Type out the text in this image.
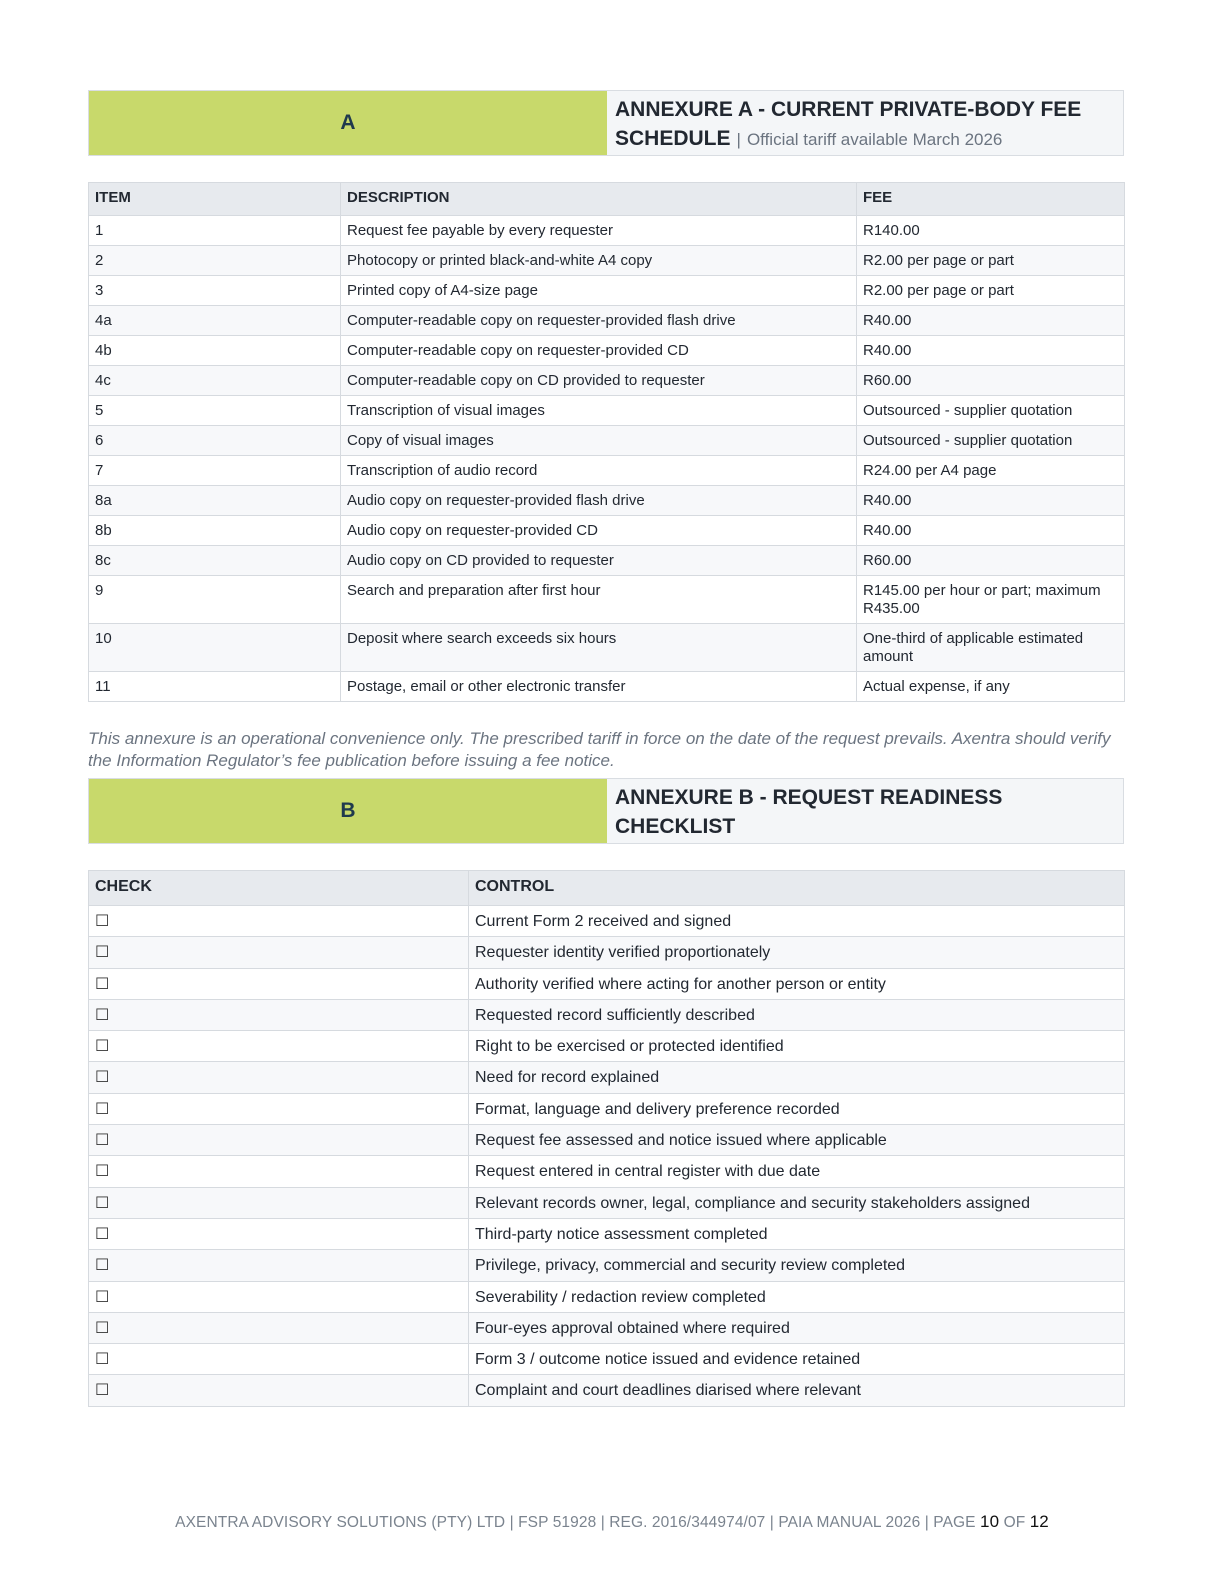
A
ANNEXURE A - CURRENT PRIVATE-BODY FEE SCHEDULE | Official tariff available March 2026
ITEM	DESCRIPTION	FEE
1	Request fee payable by every requester	R140.00
2	Photocopy or printed black-and-white A4 copy	R2.00 per page or part
3	Printed copy of A4-size page	R2.00 per page or part
4a	Computer-readable copy on requester-provided flash drive	R40.00
4b	Computer-readable copy on requester-provided CD	R40.00
4c	Computer-readable copy on CD provided to requester	R60.00
5	Transcription of visual images	Outsourced - supplier quotation
6	Copy of visual images	Outsourced - supplier quotation
7	Transcription of audio record	R24.00 per A4 page
8a	Audio copy on requester-provided flash drive	R40.00
8b	Audio copy on requester-provided CD	R40.00
8c	Audio copy on CD provided to requester	R60.00
9	Search and preparation after first hour	R145.00 per hour or part; maximum R435.00
10	Deposit where search exceeds six hours	One-third of applicable estimated amount
11	Postage, email or other electronic transfer	Actual expense, if any
This annexure is an operational convenience only. The prescribed tariff in force on the date of the request prevails. Axentra should verify the Information Regulator’s fee publication before issuing a fee notice.
B
ANNEXURE B - REQUEST READINESS CHECKLIST
CHECK	CONTROL
☐	Current Form 2 received and signed
☐	Requester identity verified proportionately
☐	Authority verified where acting for another person or entity
☐	Requested record sufficiently described
☐	Right to be exercised or protected identified
☐	Need for record explained
☐	Format, language and delivery preference recorded
☐	Request fee assessed and notice issued where applicable
☐	Request entered in central register with due date
☐	Relevant records owner, legal, compliance and security stakeholders assigned
☐	Third-party notice assessment completed
☐	Privilege, privacy, commercial and security review completed
☐	Severability / redaction review completed
☐	Four-eyes approval obtained where required
☐	Form 3 / outcome notice issued and evidence retained
☐	Complaint and court deadlines diarised where relevant
AXENTRA ADVISORY SOLUTIONS (PTY) LTD | FSP 51928 | REG. 2016/344974/07 | PAIA MANUAL 2026 | PAGE 10 OF 12
